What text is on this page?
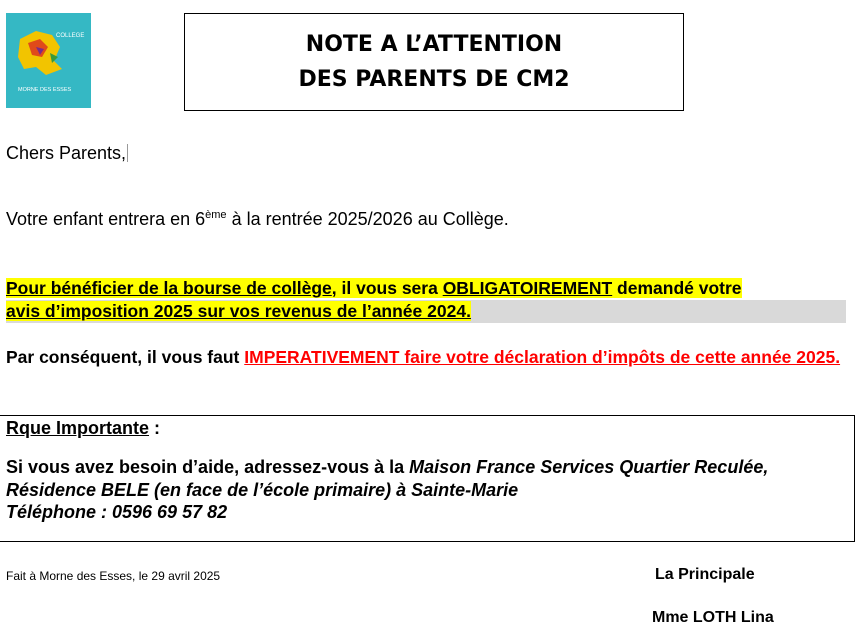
COLLEGE
MORNE DES ESSES
NOTE A L’ATTENTION
DES PARENTS DE CM2
Chers Parents,
Votre enfant entrera en 6ème à la rentrée 2025/2026 au Collège.
Pour bénéficier de la bourse de collège, il vous sera OBLIGATOIREMENT demandé votre
avis d’imposition 2025 sur vos revenus de l’année 2024.
Par conséquent, il vous faut IMPERATIVEMENT faire votre déclaration d’impôts de cette année 2025.
Rque Importante :
Si vous avez besoin d’aide, adressez-vous à la Maison France Services Quartier Reculée,
Résidence BELE (en face de l’école primaire) à Sainte-Marie
Téléphone : 0596 69 57 82
Fait à Morne des Esses, le 29 avril 2025	La Principale
Mme LOTH Lina
